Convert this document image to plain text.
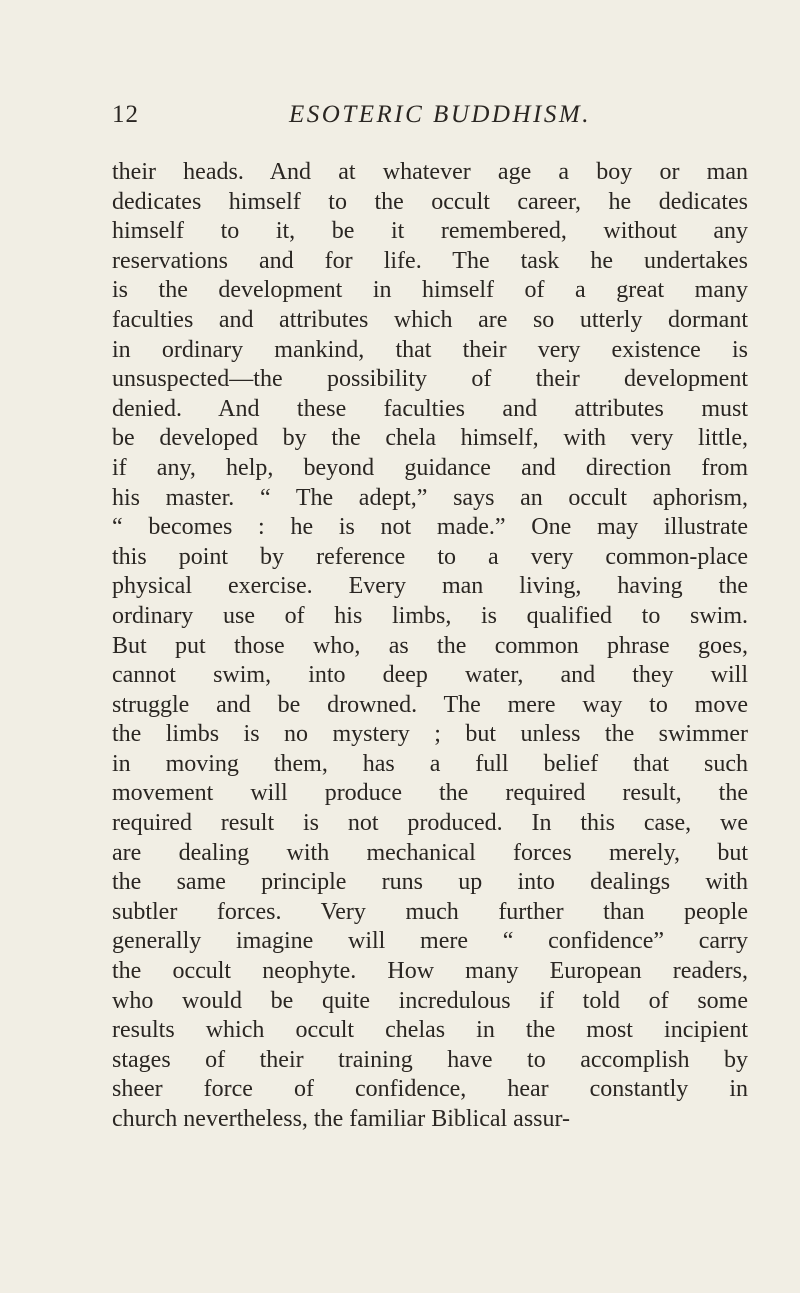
12	ESOTERIC BUDDHISM.
their heads. And at whatever age a boy or man
dedicates himself to the occult career, he dedicates
himself to it, be it remembered, without any
reservations and for life. The task he undertakes
is the development in himself of a great many
faculties and attributes which are so utterly dormant
in ordinary mankind, that their very existence is
unsuspected—the possibility of their development
denied. And these faculties and attributes must
be developed by the chela himself, with very little,
if any, help, beyond guidance and direction from
his master. “ The adept,” says an occult aphorism,
“ becomes : he is not made.” One may illustrate
this point by reference to a very common-place
physical exercise. Every man living, having the
ordinary use of his limbs, is qualified to swim.
But put those who, as the common phrase goes,
cannot swim, into deep water, and they will
struggle and be drowned. The mere way to move
the limbs is no mystery ; but unless the swimmer
in moving them, has a full belief that such
movement will produce the required result, the
required result is not produced. In this case, we
are dealing with mechanical forces merely, but
the same principle runs up into dealings with
subtler forces. Very much further than people
generally imagine will mere “ confidence” carry
the occult neophyte. How many European readers,
who would be quite incredulous if told of some
results which occult chelas in the most incipient
stages of their training have to accomplish by
sheer force of confidence, hear constantly in
church nevertheless, the familiar Biblical assur-
